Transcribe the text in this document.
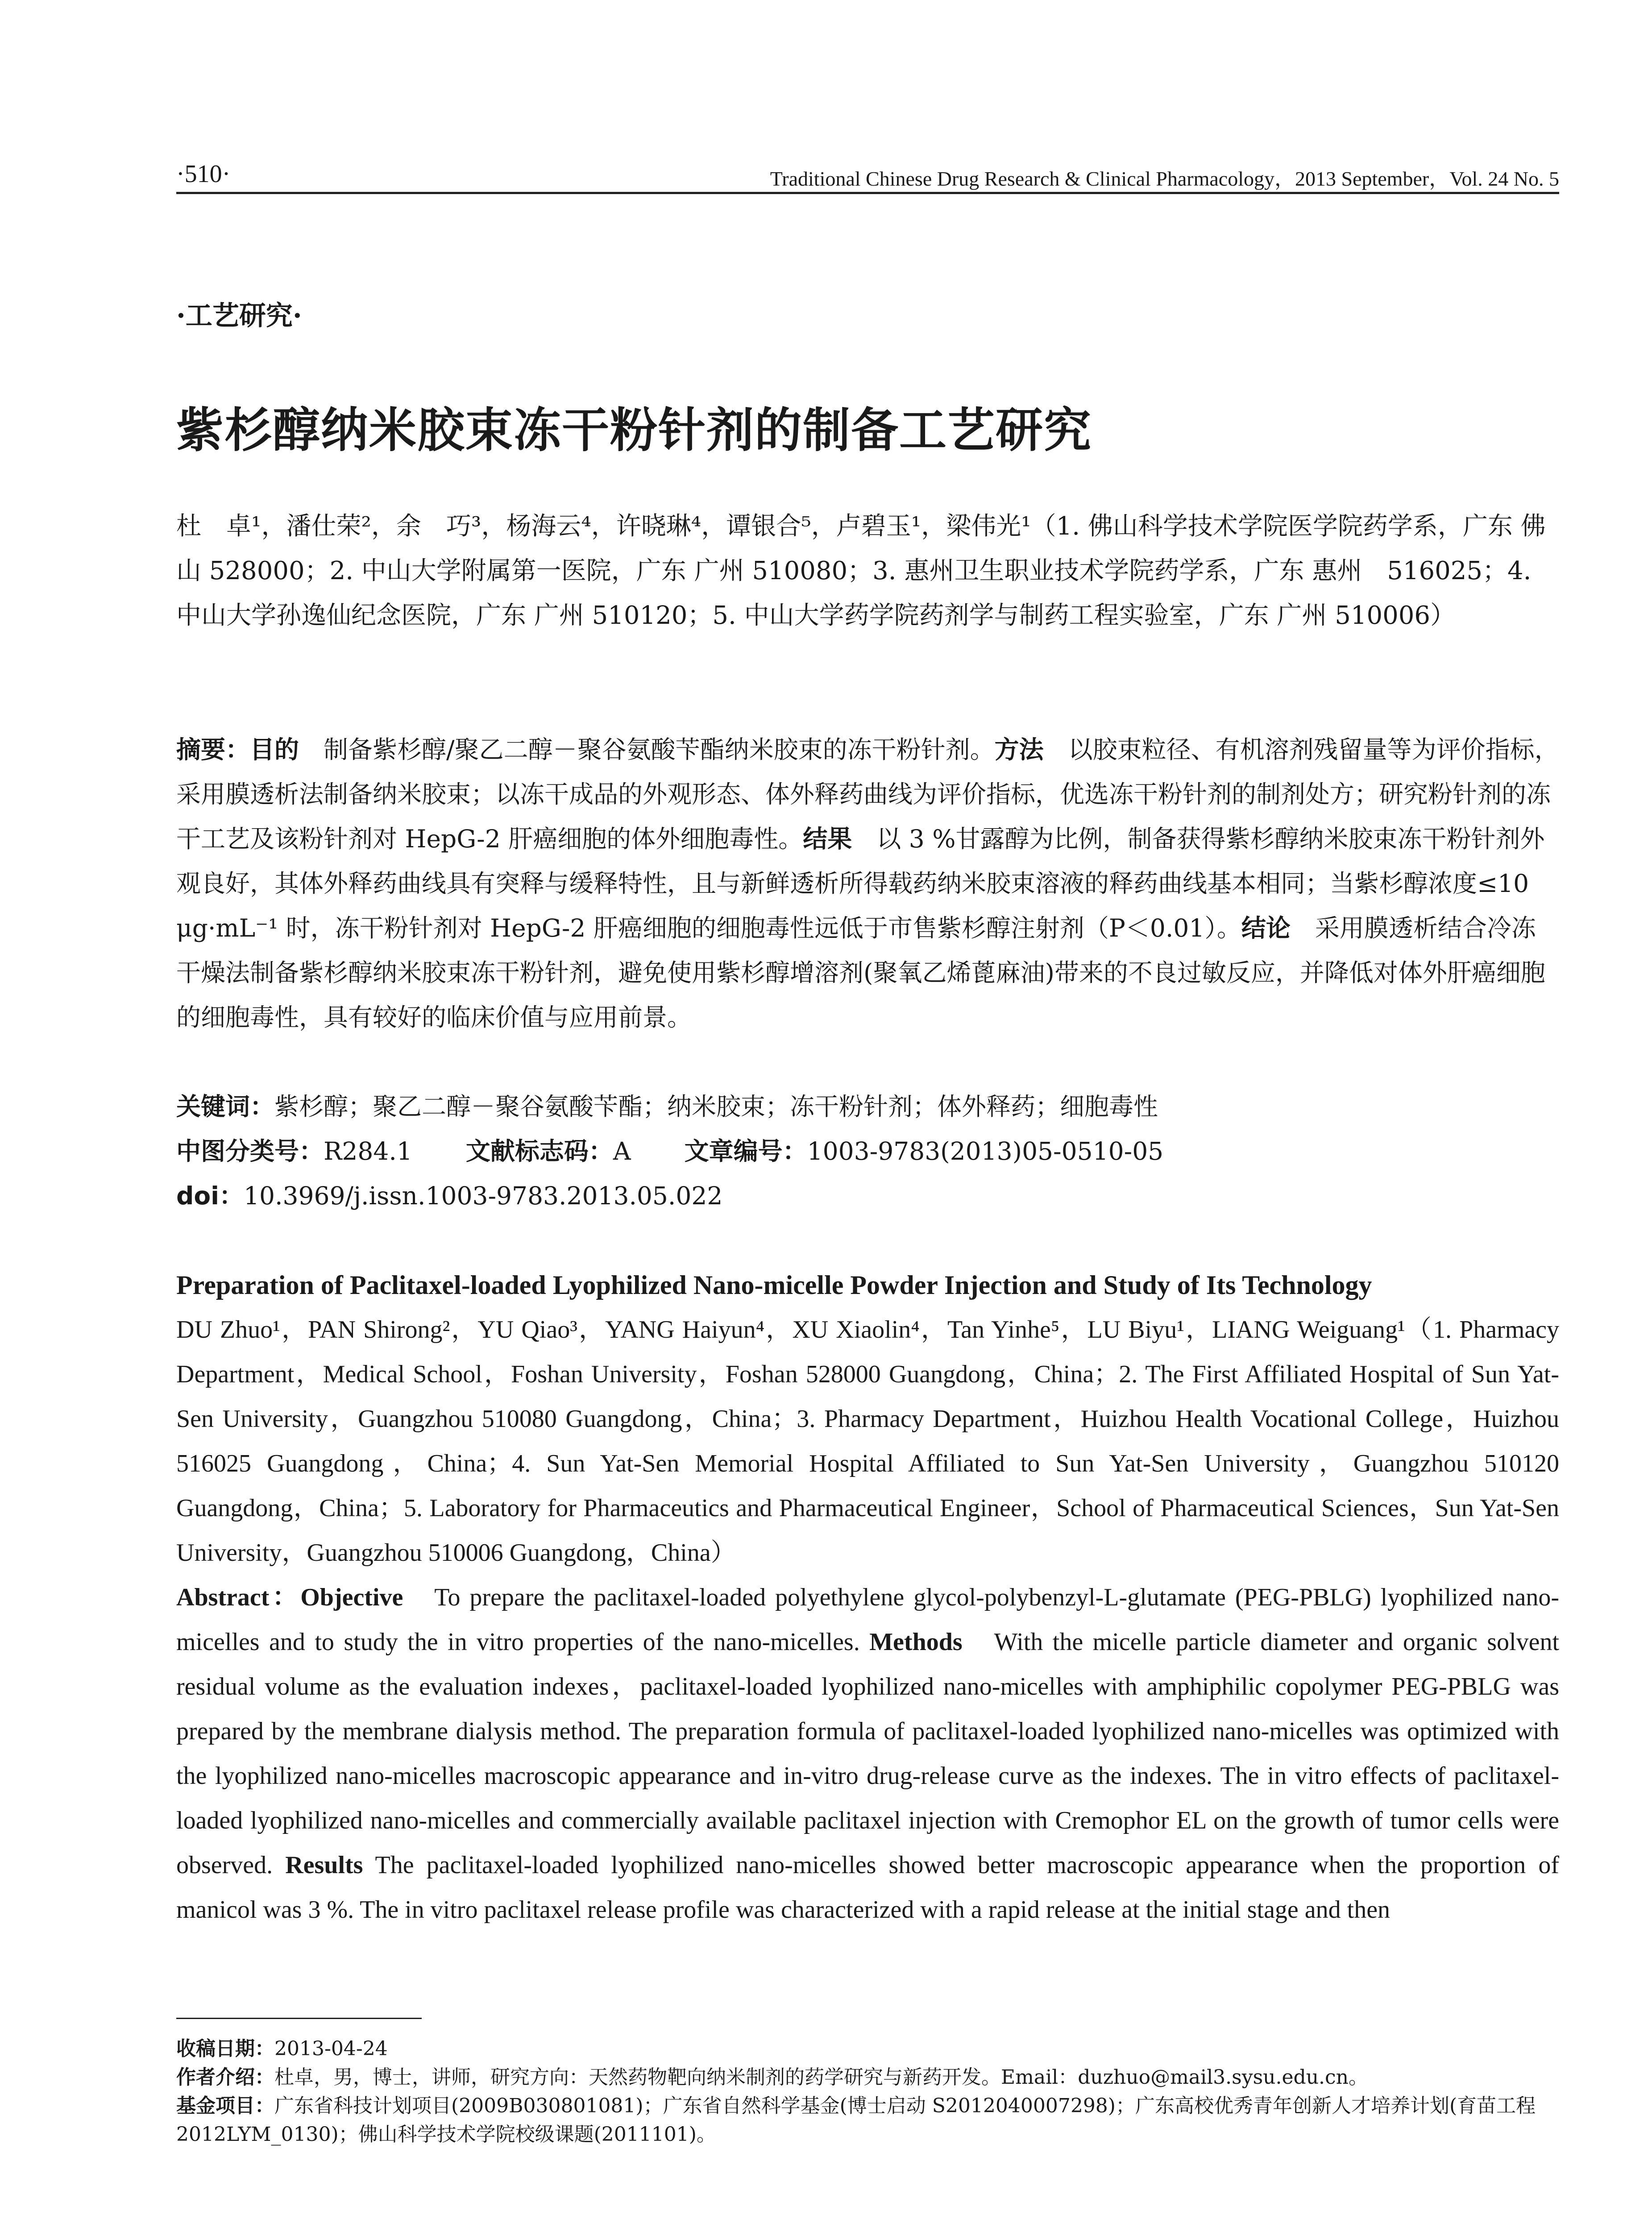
·510·	Traditional Chinese Drug Research & Clinical Pharmacology，2013 September，Vol. 24 No. 5
·工艺研究·
紫杉醇纳米胶束冻干粉针剂的制备工艺研究
杜　卓¹，潘仕荣²，余　巧³，杨海云⁴，许晓琳⁴，谭银合⁵，卢碧玉¹，梁伟光¹（1. 佛山科学技术学院医学院药学系，广东 佛山 528000；2. 中山大学附属第一医院，广东 广州 510080；3. 惠州卫生职业技术学院药学系，广东 惠州　516025；4. 中山大学孙逸仙纪念医院，广东 广州 510120；5. 中山大学药学院药剂学与制药工程实验室，广东 广州 510006）
摘要：目的　 制备紫杉醇/聚乙二醇－聚谷氨酸苄酯纳米胶束的冻干粉针剂。方法　 以胶束粒径、有机溶剂残留量等为评价指标，采用膜透析法制备纳米胶束；以冻干成品的外观形态、体外释药曲线为评价指标，优选冻干粉针剂的制剂处方；研究粉针剂的冻干工艺及该粉针剂对 HepG-2 肝癌细胞的体外细胞毒性。结果　 以 3 %甘露醇为比例，制备获得紫杉醇纳米胶束冻干粉针剂外观良好，其体外释药曲线具有突释与缓释特性，且与新鲜透析所得载药纳米胶束溶液的释药曲线基本相同；当紫杉醇浓度≤10 μg·mL⁻¹ 时，冻干粉针剂对 HepG-2 肝癌细胞的细胞毒性远低于市售紫杉醇注射剂（P＜0.01）。结论　 采用膜透析结合冷冻干燥法制备紫杉醇纳米胶束冻干粉针剂，避免使用紫杉醇增溶剂(聚氧乙烯蓖麻油)带来的不良过敏反应，并降低对体外肝癌细胞的细胞毒性，具有较好的临床价值与应用前景。
关键词：紫杉醇；聚乙二醇－聚谷氨酸苄酯；纳米胶束；冻干粉针剂；体外释药；细胞毒性
中图分类号：R284.1 文献标志码：A 文章编号：1003-9783(2013)05-0510-05
doi：10.3969/j.issn.1003-9783.2013.05.022
Preparation of Paclitaxel-loaded Lyophilized Nano-micelle Powder Injection and Study of Its Technology
DU Zhuo¹，PAN Shirong²，YU Qiao³，YANG Haiyun⁴，XU Xiaolin⁴，Tan Yinhe⁵，LU Biyu¹，LIANG Weiguang¹（1. Pharmacy Department，Medical School，Foshan University，Foshan 528000 Guangdong，China；2. The First Affiliated Hospital of Sun Yat-Sen University，Guangzhou 510080 Guangdong，China；3. Pharmacy Department，Huizhou Health Vocational College，Huizhou 516025 Guangdong，China；4. Sun Yat-Sen Memorial Hospital Affiliated to Sun Yat-Sen University，Guangzhou 510120 Guangdong，China；5. Laboratory for Pharmaceutics and Pharmaceutical Engineer，School of Pharmaceutical Sciences，Sun Yat-Sen University，Guangzhou 510006 Guangdong，China）
Abstract：Objective　 To prepare the paclitaxel-loaded polyethylene glycol-polybenzyl-L-glutamate (PEG-PBLG) lyophilized nano-micelles and to study the in vitro properties of the nano-micelles. Methods　 With the micelle particle diameter and organic solvent residual volume as the evaluation indexes，paclitaxel-loaded lyophilized nano-micelles with amphiphilic copolymer PEG-PBLG was prepared by the membrane dialysis method. The preparation formula of paclitaxel-loaded lyophilized nano-micelles was optimized with the lyophilized nano-micelles macroscopic appearance and in-vitro drug-release curve as the indexes. The in vitro effects of paclitaxel-loaded lyophilized nano-micelles and commercially available paclitaxel injection with Cremophor EL on the growth of tumor cells were observed. Results The paclitaxel-loaded lyophilized nano-micelles showed better macroscopic appearance when the proportion of manicol was 3 %. The in vitro paclitaxel release profile was characterized with a rapid release at the initial stage and then
收稿日期：2013-04-24
作者介绍：杜卓，男，博士，讲师，研究方向：天然药物靶向纳米制剂的药学研究与新药开发。Email：duzhuo@mail3.sysu.edu.cn。
基金项目：广东省科技计划项目(2009B030801081)；广东省自然科学基金(博士启动 S2012040007298)；广东高校优秀青年创新人才培养计划(育苗工程 2012LYM_0130)；佛山科学技术学院校级课题(2011101)。
